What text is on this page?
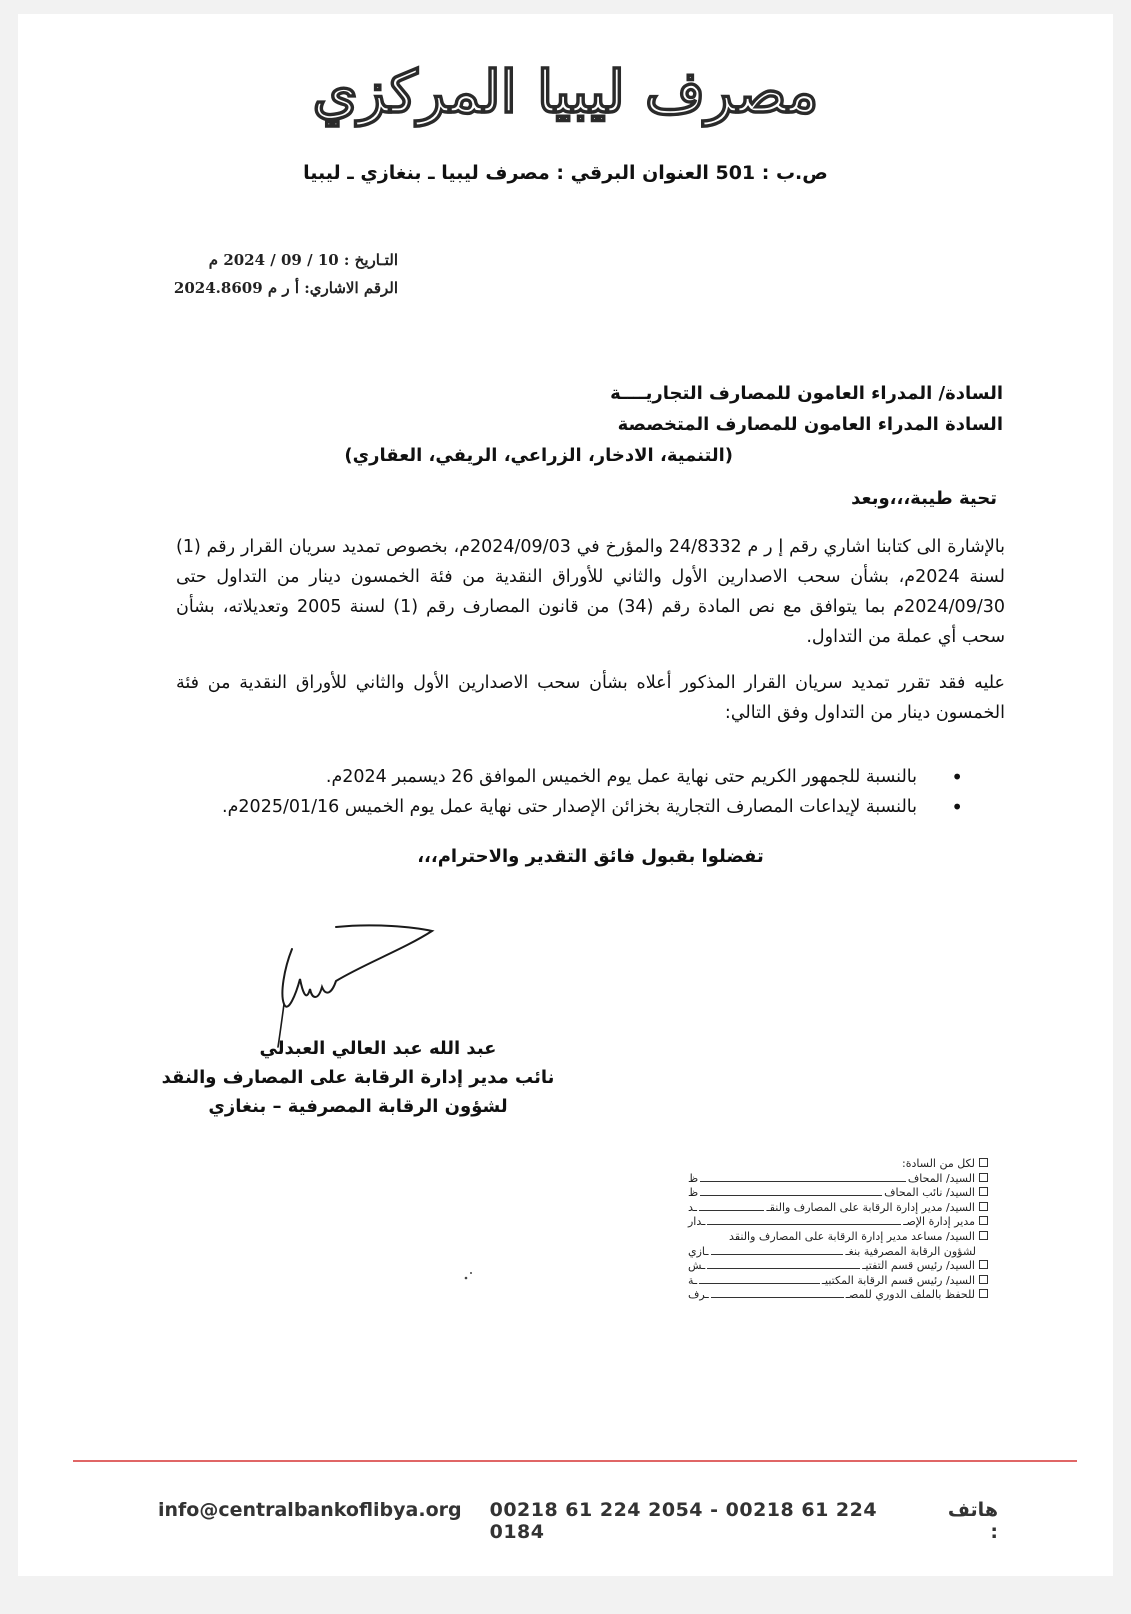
مصرف ليبيا المركزي
ص.ب : 501 العنوان البرقي : مصرف ليبيا ـ بنغازي ـ ليبيا
التـاريخ : 10 / 09 / 2024 م
الرقم الاشاري: أ ر م 2024.8609
السادة/ المدراء العامون للمصارف التجاريــــة
السادة المدراء العامون للمصارف المتخصصة
(التنمية، الادخار، الزراعي، الريفي، العقاري)
تحية طيبة،،،وبعد

بالإشارة الى كتابنا اشاري رقم إ ر م 24/8332 والمؤرخ في 2024/09/03م، بخصوص تمديد سريان القرار رقم (1) لسنة 2024م، بشأن سحب الاصدارين الأول والثاني للأوراق النقدية من فئة الخمسون دينار من التداول حتى 2024/09/30م بما يتوافق مع نص المادة رقم (34) من قانون المصارف رقم (1) لسنة 2005 وتعديلاته، بشأن سحب أي عملة من التداول.

عليه فقد تقرر تمديد سريان القرار المذكور أعلاه بشأن سحب الاصدارين الأول والثاني للأوراق النقدية من فئة الخمسون دينار من التداول وفق التالي:

• بالنسبة للجمهور الكريم حتى نهاية عمل يوم الخميس الموافق 26 ديسمبر 2024م.
• بالنسبة لإيداعات المصارف التجارية بخزائن الإصدار حتى نهاية عمل يوم الخميس 2025/01/16م.
تفضلوا بقبول فائق التقدير والاحترام،،،
عبد الله عبد العالي العبدلي
نائب مدير إدارة الرقابة على المصارف والنقد
لشؤون الرقابة المصرفية – بنغازي
لكل من السادة:
السيد/ المحاف
ظ
السيد/ نائب المحاف
ظ
السيد/ مدير إدارة الرقابة على المصارف والنقـ
ـد
مدير إدارة الإصـ
ـدار
السيد/ مساعد مدير إدارة الرقابة على المصارف والنقد
لشؤون الرقابة المصرفية بنغـ
ـازي
السيد/ رئيس قسم التفتيـ
ـش
السيد/ رئيس قسم الرقابة المكتبيـ
ـة
للحفظ بالملف الدوري للمصـ
ـرف
info@centralbankoflibya.org 00218 61 224 2054 - 00218 61 224 0184
هاتف :
